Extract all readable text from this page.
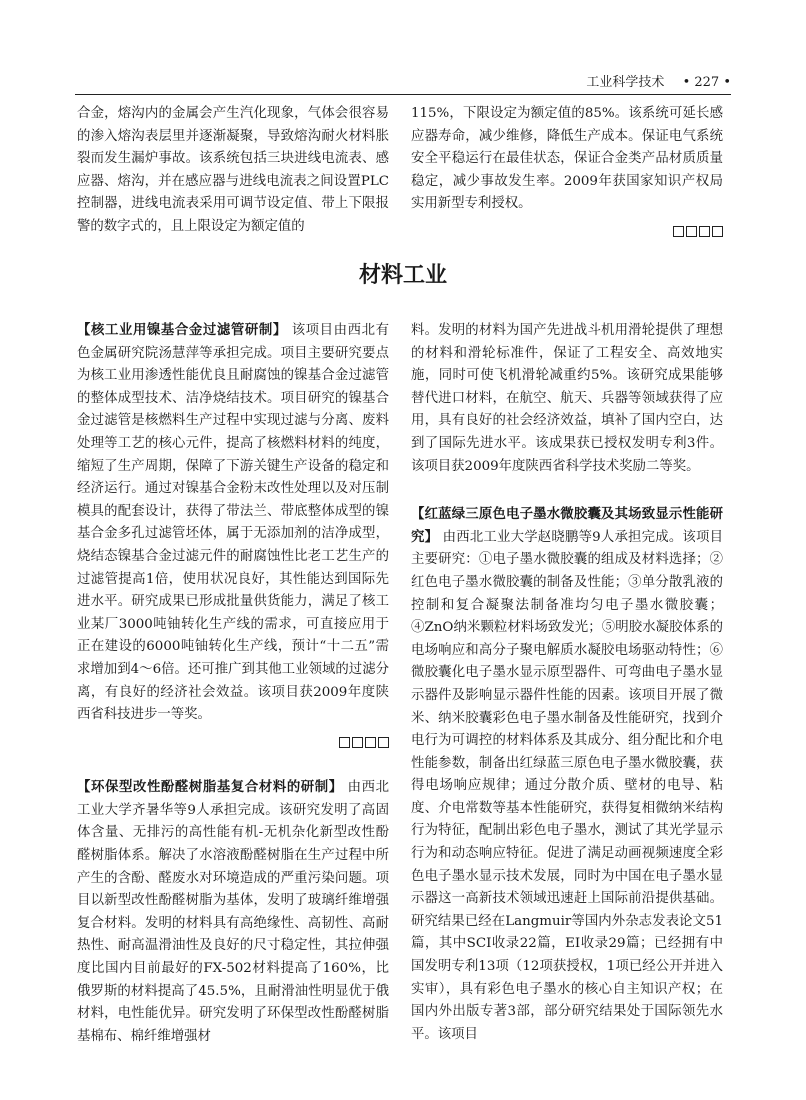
工业科学技术 • 227 •

合金，熔沟内的金属会产生汽化现象，气体会很容易的渗入熔沟表层里并逐渐凝聚，导致熔沟耐火材料胀裂而发生漏炉事故。该系统包括三块进线电流表、感应器、熔沟，并在感应器与进线电流表之间设置PLC控制器，进线电流表采用可调节设定值、带上下限报警的数字式的，且上限设定为额定值的

115%，下限设定为额定值的85%。该系统可延长感应器寿命，减少维修，降低生产成本。保证电气系统安全平稳运行在最佳状态，保证合金类产品材质质量稳定，减少事故发生率。2009年获国家知识产权局实用新型专利授权。

材料工业

【核工业用镍基合金过滤管研制】 该项目由西北有色金属研究院汤慧萍等承担完成。项目主要研究要点为核工业用渗透性能优良且耐腐蚀的镍基合金过滤管的整体成型技术、洁净烧结技术。项目研究的镍基合金过滤管是核燃料生产过程中实现过滤与分离、废料处理等工艺的核心元件，提高了核燃料材料的纯度，缩短了生产周期，保障了下游关键生产设备的稳定和经济运行。通过对镍基合金粉末改性处理以及对压制模具的配套设计，获得了带法兰、带底整体成型的镍基合金多孔过滤管坯体，属于无添加剂的洁净成型，烧结态镍基合金过滤元件的耐腐蚀性比老工艺生产的过滤管提高1倍，使用状况良好，其性能达到国际先进水平。研究成果已形成批量供货能力，满足了核工业某厂3000吨铀转化生产线的需求，可直接应用于正在建设的6000吨铀转化生产线，预计“十二五”需求增加到4～6倍。还可推广到其他工业领域的过滤分离，有良好的经济社会效益。该项目获2009年度陕西省科技进步一等奖。

【环保型改性酚醛树脂基复合材料的研制】 由西北工业大学齐暑华等9人承担完成。该研究发明了高固体含量、无排污的高性能有机-无机杂化新型改性酚醛树脂体系。解决了水溶液酚醛树脂在生产过程中所产生的含酚、醛废水对环境造成的严重污染问题。项目以新型改性酚醛树脂为基体，发明了玻璃纤维增强复合材料。发明的材料具有高绝缘性、高韧性、高耐热性、耐高温滑油性及良好的尺寸稳定性，其拉伸强度比国内目前最好的FX-502材料提高了160%，比俄罗斯的材料提高了45.5%，且耐滑油性明显优于俄材料，电性能优异。研究发明了环保型改性酚醛树脂基棉布、棉纤维增强材

料。发明的材料为国产先进战斗机用滑轮提供了理想的材料和滑轮标准件，保证了工程安全、高效地实施，同时可使飞机滑轮减重约5%。该研究成果能够替代进口材料，在航空、航天、兵器等领域获得了应用，具有良好的社会经济效益，填补了国内空白，达到了国际先进水平。该成果获已授权发明专利3件。该项目获2009年度陕西省科学技术奖励二等奖。

【红蓝绿三原色电子墨水微胶囊及其场致显示性能研究】 由西北工业大学赵晓鹏等9人承担完成。该项目主要研究：①电子墨水微胶囊的组成及材料选择；②红色电子墨水微胶囊的制备及性能；③单分散乳液的控制和复合凝聚法制备准均匀电子墨水微胶囊；④ZnO纳米颗粒材料场致发光；⑤明胶水凝胶体系的电场响应和高分子聚电解质水凝胶电场驱动特性；⑥微胶囊化电子墨水显示原型器件、可弯曲电子墨水显示器件及影响显示器件性能的因素。该项目开展了微米、纳米胶囊彩色电子墨水制备及性能研究，找到介电行为可调控的材料体系及其成分、组分配比和介电性能参数，制备出红绿蓝三原色电子墨水微胶囊，获得电场响应规律；通过分散介质、壁材的电导、粘度、介电常数等基本性能研究，获得复相微纳米结构行为特征，配制出彩色电子墨水，测试了其光学显示行为和动态响应特征。促进了满足动画视频速度全彩色电子墨水显示技术发展，同时为中国在电子墨水显示器这一高新技术领域迅速赶上国际前沿提供基础。研究结果已经在Langmuir等国内外杂志发表论文51篇，其中SCI收录22篇，EI收录29篇；已经拥有中国发明专利13项（12项获授权，1项已经公开并进入实审），具有彩色电子墨水的核心自主知识产权；在国内外出版专著3部，部分研究结果处于国际领先水平。该项目
